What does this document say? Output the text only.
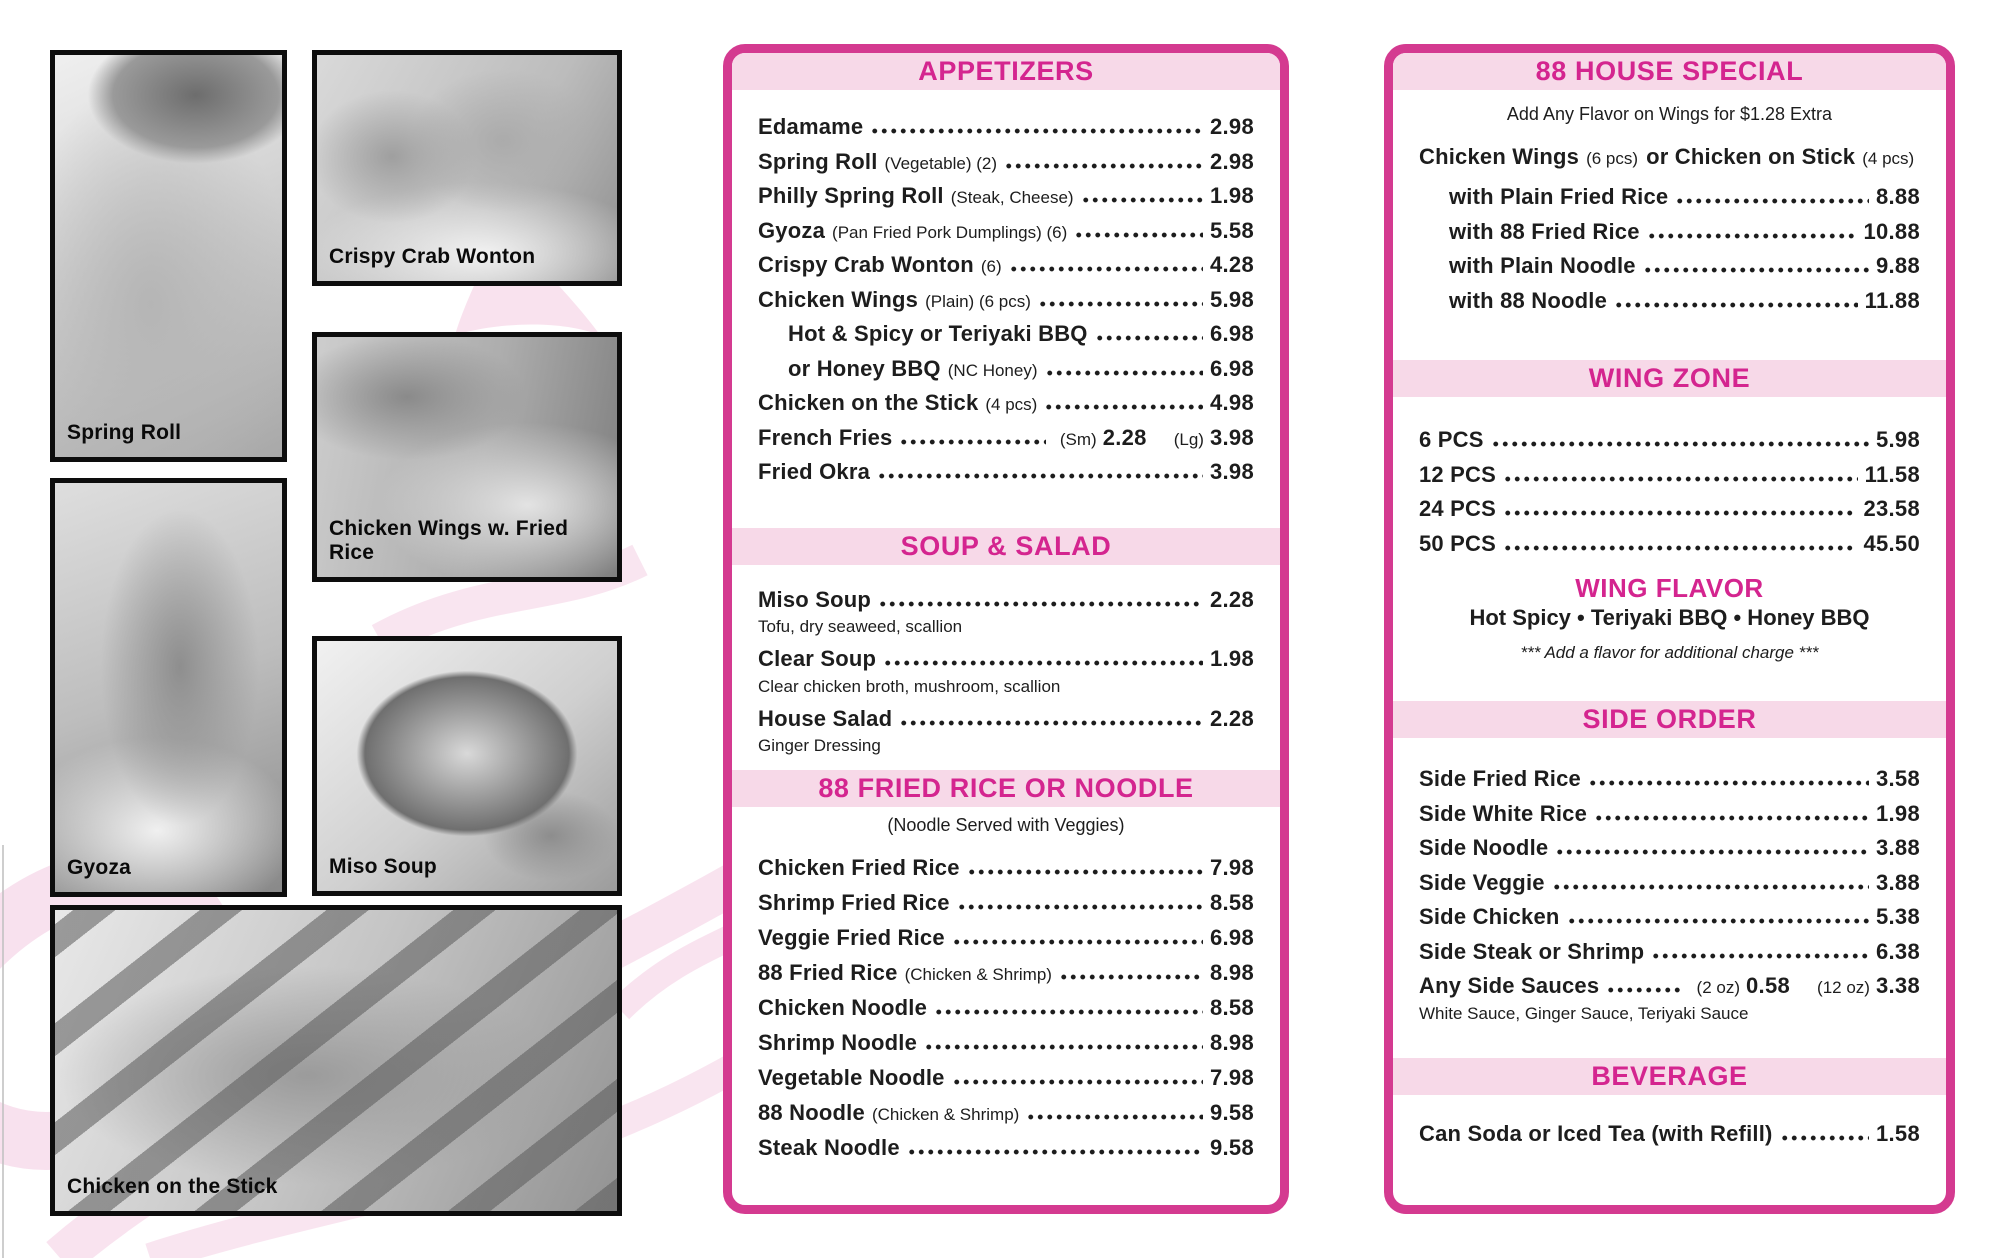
Spring Roll
Crispy Crab Wonton
Chicken Wings w. Fried Rice
Gyoza	Miso Soup
Chicken on the Stick
APPETIZERS
Edamame	2.98
Spring Roll (Vegetable) (2)	2.98
Philly Spring Roll (Steak, Cheese)	1.98
Gyoza (Pan Fried Pork Dumplings) (6)	5.58
Crispy Crab Wonton (6)	4.28
Chicken Wings (Plain) (6 pcs)	5.98
Hot & Spicy or Teriyaki BBQ	6.98
or Honey BBQ (NC Honey)	6.98
Chicken on the Stick (4 pcs)	4.98
French Fries	(Sm) 2.28	(Lg) 3.98
Fried Okra	3.98
SOUP & SALAD
Miso Soup	2.28
Tofu, dry seaweed, scallion
Clear Soup	1.98
Clear chicken broth, mushroom, scallion
House Salad	2.28
Ginger Dressing
88 FRIED RICE OR NOODLE
(Noodle Served with Veggies)
Chicken Fried Rice	7.98
Shrimp Fried Rice	8.58
Veggie Fried Rice	6.98
88 Fried Rice (Chicken & Shrimp)	8.98
Chicken Noodle	8.58
Shrimp Noodle	8.98
Vegetable Noodle	7.98
88 Noodle (Chicken & Shrimp)	9.58
Steak Noodle	9.58
88 HOUSE SPECIAL
Add Any Flavor on Wings for $1.28 Extra
Chicken Wings (6 pcs) or Chicken on Stick (4 pcs)
with Plain Fried Rice	8.88
with 88 Fried Rice	10.88
with Plain Noodle	9.88
with 88 Noodle	11.88
WING ZONE
6 PCS	5.98
12 PCS	11.58
24 PCS	23.58
50 PCS	45.50
WING FLAVOR
Hot Spicy • Teriyaki BBQ • Honey BBQ
*** Add a flavor for additional charge ***
SIDE ORDER
Side Fried Rice	3.58
Side White Rice	1.98
Side Noodle	3.88
Side Veggie	3.88
Side Chicken	5.38
Side Steak or Shrimp	6.38
Any Side Sauces	(2 oz) 0.58	(12 oz) 3.38
White Sauce, Ginger Sauce, Teriyaki Sauce
BEVERAGE
Can Soda or Iced Tea (with Refill)	1.58
